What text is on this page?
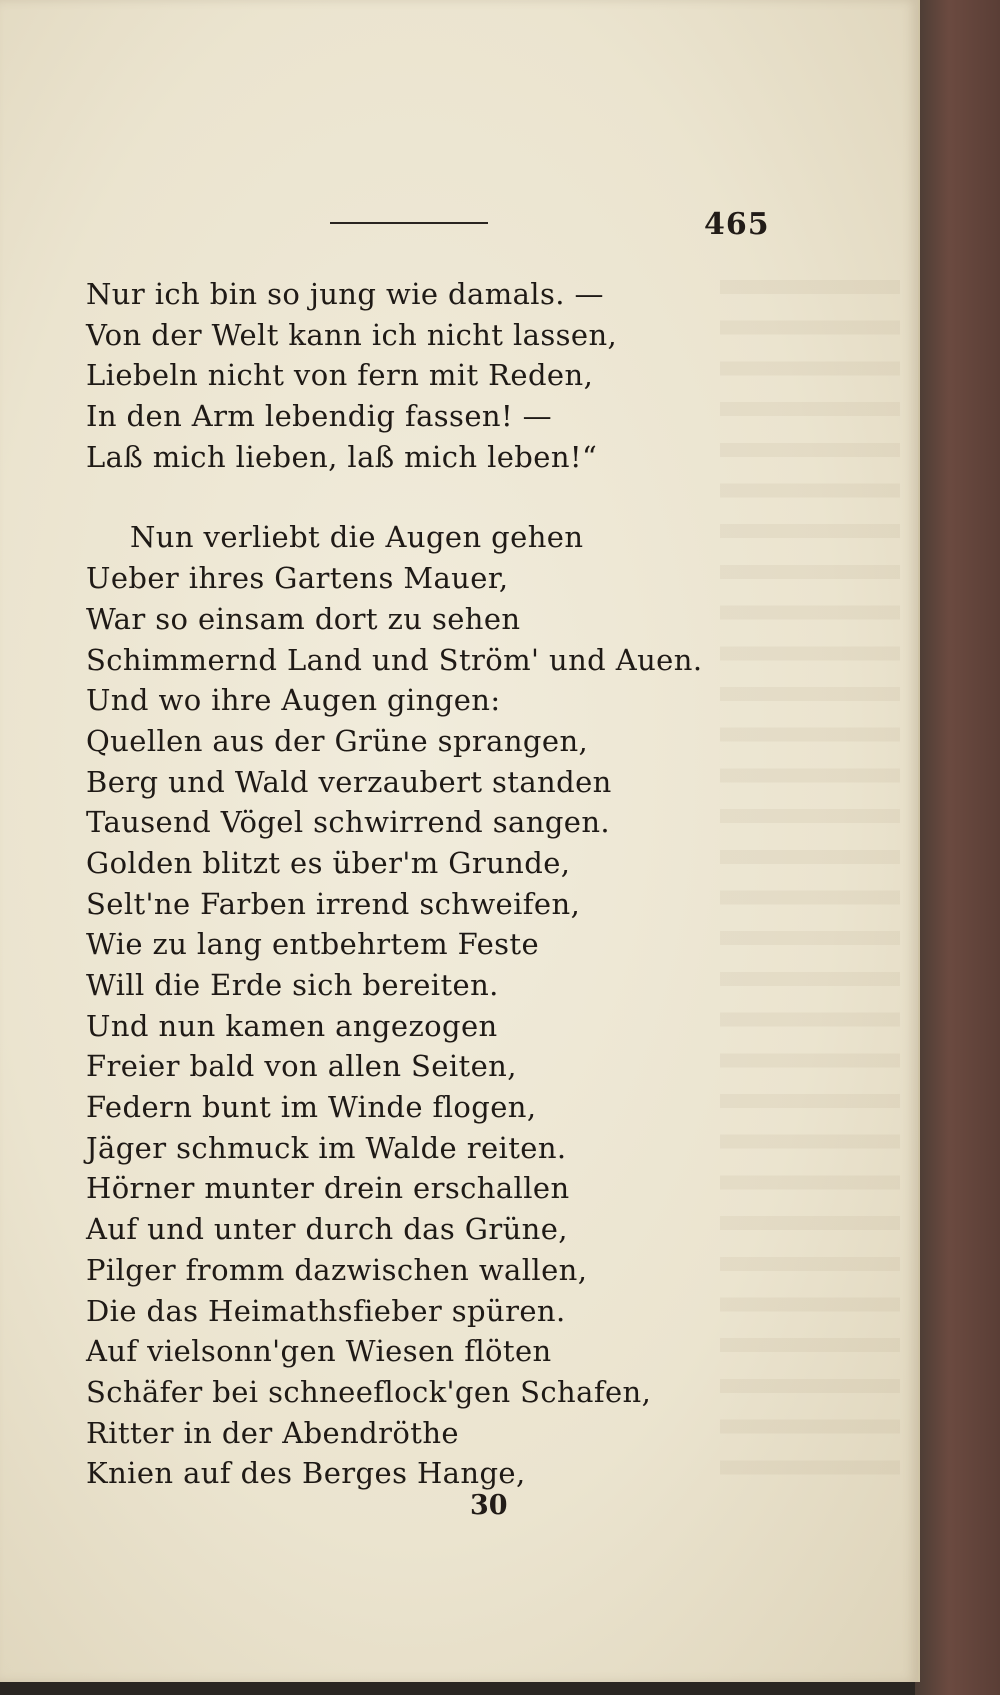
465
Nur ich bin so jung wie damals. —
Von der Welt kann ich nicht lassen,
Liebeln nicht von fern mit Reden,
In den Arm lebendig fassen! —
Laß mich lieben, laß mich leben!“
Nun verliebt die Augen gehen
Ueber ihres Gartens Mauer,
War so einsam dort zu sehen
Schimmernd Land und Ström' und Auen.
Und wo ihre Augen gingen:
Quellen aus der Grüne sprangen,
Berg und Wald verzaubert standen
Tausend Vögel schwirrend sangen.
Golden blitzt es über'm Grunde,
Selt'ne Farben irrend schweifen,
Wie zu lang entbehrtem Feste
Will die Erde sich bereiten.
Und nun kamen angezogen
Freier bald von allen Seiten,
Federn bunt im Winde flogen,
Jäger schmuck im Walde reiten.
Hörner munter drein erschallen
Auf und unter durch das Grüne,
Pilger fromm dazwischen wallen,
Die das Heimathsfieber spüren.
Auf vielsonn'gen Wiesen flöten
Schäfer bei schneeflock'gen Schafen,
Ritter in der Abendröthe
Knien auf des Berges Hange,
30
